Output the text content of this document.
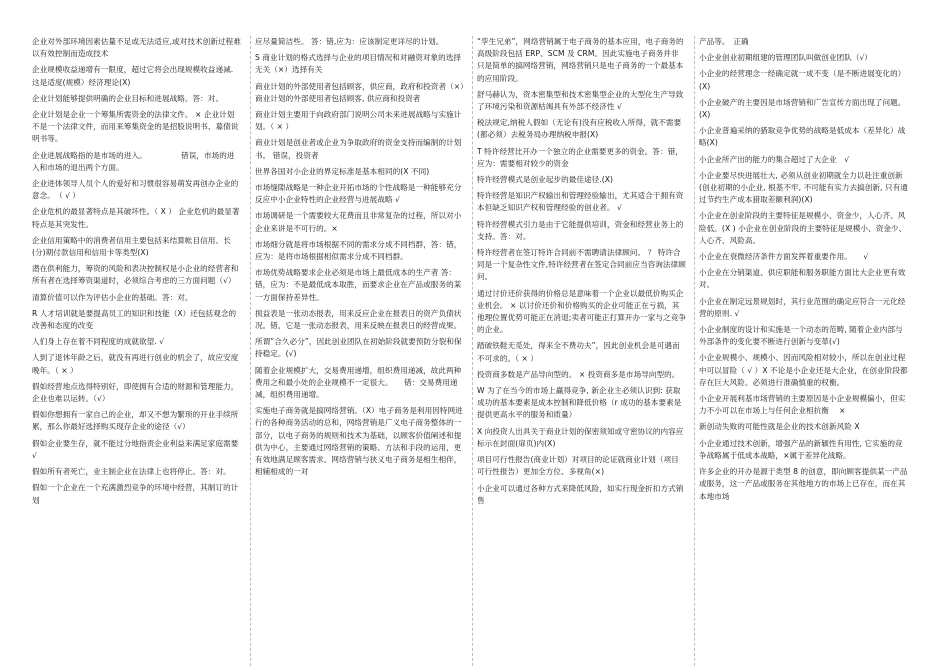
企业对外部环境因素估量不足或无法适应,或对技术创新过程难以有效控制而造成技术

企业规模收益递增有一限度，超过它将会出现规模收益递减. 这是适度(规模）经济理论(X)

企业计划能够提供明确的企业目标和进展战略。答：对。

企业计划是企业一个筹集所需资金的法律文件。 × 企业计划不是一个法律文件，而用来筹集资金的是招股说明书、募债说明书等。

企业进展战略指的是市场的进入。　　　　　错误，市场的进入和市场的退出两个方面。

企业进体领导人员个人的爱好和习惯很容易萌发再创办企业的意念。　（ √ ）

企业危机的最显著特点是其破坏性。（ X ） 企业危机的最显著特点是其突发性。

企业信用策略中的消费者信用主要包括来结算帐目信用、长(分)期付款信用和信用卡等类型(X)

潜在供利能力，筹资的风险和表决控制权是小企业的经营者和所有者在选择筹资渠道时，必须综合考虑的三方面问题（√）

清算价值可以作为评估小企业的基础。答：对。

R 人才培训就是要提高员工的知识和技能（X）还包括观念的改善和态度的改变

人们身上存在着不同程度的成就欲望. √

人到了退休年龄之后，就没有再进行创业的机会了，故应安度晚年。（ × ）

假如经营地点选得特别好，即使拥有合适的财源和管理能力，企业也难以运转。（√）

假如你想拥有一家自己的企业，却又不想为繁琐的开业手续所累，那么你最好选择购买现存企业的途径（√）

假如企业要生存，就不能过分地指责企业利益来满足家庭需要 √

假如所有者死亡，业主制企业在法律上也将停止。答：对。

假如一个企业在一个充满激烈竞争的环境中经营，其制订的计划

应尽量简洁些。 答：错,应为：应该制定更详尽的计划。

S 商业计划的格式选择与企业的项目情况和对融资对象的选择无关（×）选择有关

商业计划的外部使用者包括顾客，供应商，政府和投资者（×）商业计划的外部使用者包括顾客, 供应商和投资者

商业计划主要用于向政府部门说明公司未来进展战略与实施计划。（ × ）

商业计划是创业者或企业为争取政府的资金支持而编制的计划书。 错误，投资者

世界各国对小企业的界定标准是基本相同的(X 不同)

市场缝隙战略是一种企业开拓市场的个性战略是一种能够充分反应中小企业特性的企业经营与进展战略 √

市场调研是一个需要较大花费而且非常复杂的过程，所以对小企业来讲是不可行的。×

市场细分就是将市场根据不同的需求分成不同档群，答：错，应为：是将市场根据相似需求分成不同档群。

市场优势战略要求企业必须是市场上最低成本的生产者 答：错，应为：不是最低成本取胜，而要求企业在产品或服务的某一方面保持差异性。

损益表是一张动态报表，用来反应企业在报表日的资产负债状况。错，它是一张动态报表，用来反映在报表日的经营成果。

所谓”合久必分”，因此创业团队在初始阶段就要预防分裂和保持稳定。(√)

随着企业规模扩大，交易费用递增，组织费用递减，故此两种费用之和最小处的企业规模不一定很大。　　错：交易费用递减，组织费用递增。

实施电子商务就是搞网络营销。（X）电子商务是利用因特网进行的各种商务活动的总和，网络营销是广义电子商务整体的一部分，以电子商务的规则和技术为基础，以顾客价值阐述和提供为中心，主要通过网络营销的策略、方法和手段的运用，更有效地满足顾客需求。网络营销与狭义电子商务是相生相伴，相辅相成的一对

“孪生兄弟”，网络营销属于电子商务的基本应用，电子商务的高级阶段包括 ERP、SCM 及 CRM。因此实施电子商务并非只是简单的搞网络营销，网络营销只是电子商务的一个最基本的应用阶段。

舒马赫认为，资本密集型和技术密集型企业的大型化生产导致了环境污染和资源枯竭具有外部不经济性 √

税法规定,纳税人假如（无论有)没有应税收入所得，就不需要(都必须）去税务局办理纳税申报(X)

T 特许经营比开办一个独立的企业需要更多的资金。答：错，应为：需要相对较少的资金

特许经营模式是创业起步的最佳途径.(X)

特许经营是知识产权输出和管理经验输出，尤其适合于拥有资本但缺乏知识产权和管理经验的创业者。 √

特许经营模式引力是由于它能提供培训，资金和经营业务上的支持。答：对。

特许经营者在签订特许合同前不需聘请法律顾问。 ？ 特许合同是一个复杂性文件,特许经营者在签定合同前应当咨询法律顾问。

通过讨价还价获得的价格总是意味着一个企业以最低价购买企业机会。 × 以讨价还价和价格购买的企业可能正在亏损，其他理位置优势可能正在消退;卖者可能正打算开办一家与之竞争的企业。

踏破铁鞋无觅处，得来全不费功夫”，因此创业机会是可遇而不可求的。（ × ）

投资商多数是产品导向型的。 × 投资商多是市场导向型的。

W 为了在当今的市场上赢得竞争, 新企业主必须认识到: 获取成功的基本要素是成本控制和降低价格（r 成功的基本要素是提供更高水平的服务和质量）

X 向投资人出具关于商业计划的保密须知或守密协议的内容应标示在封面(扉页)内(X)

项目可行性报告(商业计划）对项目的论证就商业计划（项目可行性报告）更加全方位、多视角(×)

小企业可以通过各种方式来降低风险，如实行现金折扣方式销售

产品等。　正确

小企业创业初期组建的管理团队叫做创业团队（√）

小企业的经营理念一经确定就一成不变（是不断进展变化的）(X)

小企业破产的主要因是市场营销和广告宣传方面出现了问题。(X)

小企业普遍采纳的猎取竞争优势的战略是低成本（差异化）战略(X)

小企业所产出的能力的集合超过了大企业　√

小企业要尽快进展壮大, 必须从创业初期就全力以赴注重创新(创业初期的小企业, 根基不牢, 不可能有实力去搞创新, 只有通过节约生产成本猎取差额利润)(X)

小企业在创业阶段的主要特征是规模小、资金少，人心齐、风险低。(X ) 小企业在创业阶段的主要特征是规模小、资金少、人心齐、风险高。

小企业在衰微经济条件方面发挥着重要作用。　　√

小企业在分销渠道、供应职能和服务职能方面比大企业更有效对。

小企业在制定远景规划时，其行业范围的确定应符合一元化经营的原则. √

小企业制度的设计和实施是一个动态的范畴, 随着企业内部与外部条件的变化要不断进行创新与变革(√)

小企业规模小、规模小、因而风险相对较小，所以在创业过程中可以冒险（ √ ）X 不论是小企业还是大企业，在创业阶段都存在巨大风险。必须进行准确慎重的权衡。

小企业开展利基市场营销的主要原因是小企业规模偏小，但实力不小可以在市场上与任何企业相抗衡　 ×

新创动失败的可能性就是企业的技术创新风险 X

小企业通过技术创新，增强产品的新颖性有用性, 它实施的竞争战略属于低成本战略，×属于差异化战略。

许多企业的开办是源于类型 8 的创意，即向顾客提供某一产品或服务，这一产品或服务在其他地方的市场上已存在，而在其本地市场
